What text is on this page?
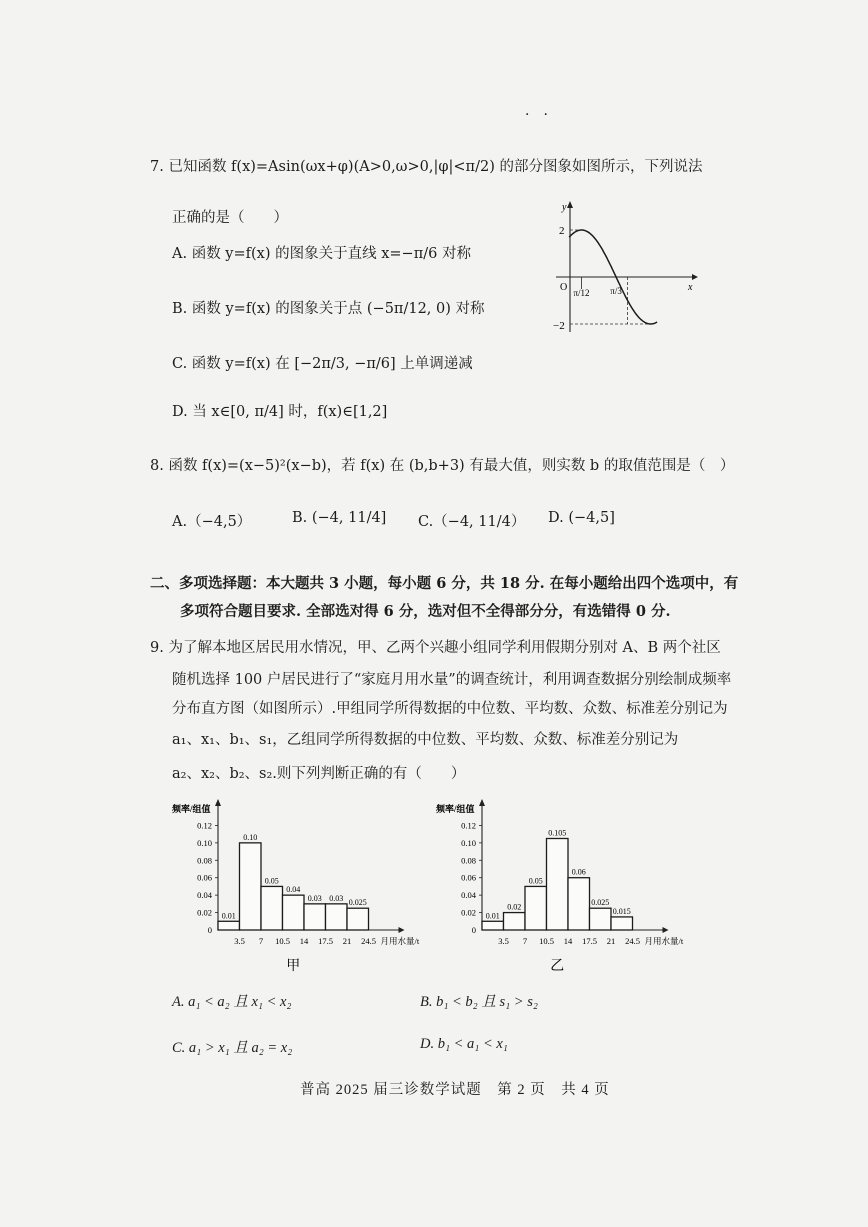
·　·
7. 已知函数 f(x)=Asin(ωx+φ)(A>0,ω>0,|φ|<π/2) 的部分图象如图所示，下列说法
正确的是（　　）
A. 函数 y=f(x) 的图象关于直线 x=−π/6 对称
B. 函数 y=f(x) 的图象关于点 (−5π/12, 0) 对称
C. 函数 y=f(x) 在 [−2π/3, −π/6] 上单调递减
D. 当 x∈[0, π/4] 时，f(x)∈[1,2]
y
x
O
2
−2
π/12 π/3
8. 函数 f(x)=(x−5)²(x−b)，若 f(x) 在 (b,b+3) 有最大值，则实数 b 的取值范围是（　）
A.（−4,5）	B. (−4, 11/4] C.（−4, 11/4） D. (−4,5]
二、多项选择题：本大题共 3 小题，每小题 6 分，共 18 分. 在每小题给出四个选项中，有
多项符合题目要求. 全部选对得 6 分，选对但不全得部分分，有选错得 0 分.
9. 为了解本地区居民用水情况，甲、乙两个兴趣小组同学利用假期分别对 A、B 两个社区
随机选择 100 户居民进行了“家庭月用水量”的调查统计，利用调查数据分别绘制成频率
分布直方图（如图所示）.甲组同学所得数据的中位数、平均数、众数、标准差分别记为
a₁、x₁、b₁、s₁，乙组同学所得数据的中位数、平均数、众数、标准差分别记为
a₂、x₂、b₂、s₂.则下列判断正确的有（　　）
频率/组值
0
0.02
0.04
0.06
0.08
0.10
0.12
0.01
0.10
0.05
0.04
0.03 0.03 0.025
3.5 7 10.5 14 17.5 21 24.5 月用水量/t
甲
频率/组值
0
0.02
0.04
0.06
0.08
0.10
0.12
0.01
0.02
0.05
0.105
0.06
0.025
0.015
3.5 7 10.5 14 17.5 21 24.5 月用水量/t
乙
A. a₁ < a₂ 且 x₁ < x₂	B. b₁ < b₂ 且 s₁ > s₂
C. a₁ > x₁ 且 a₂ = x₂	D. b₁ < a₁ < x₁
普高 2025 届三诊数学试题　第 2 页　共 4 页
